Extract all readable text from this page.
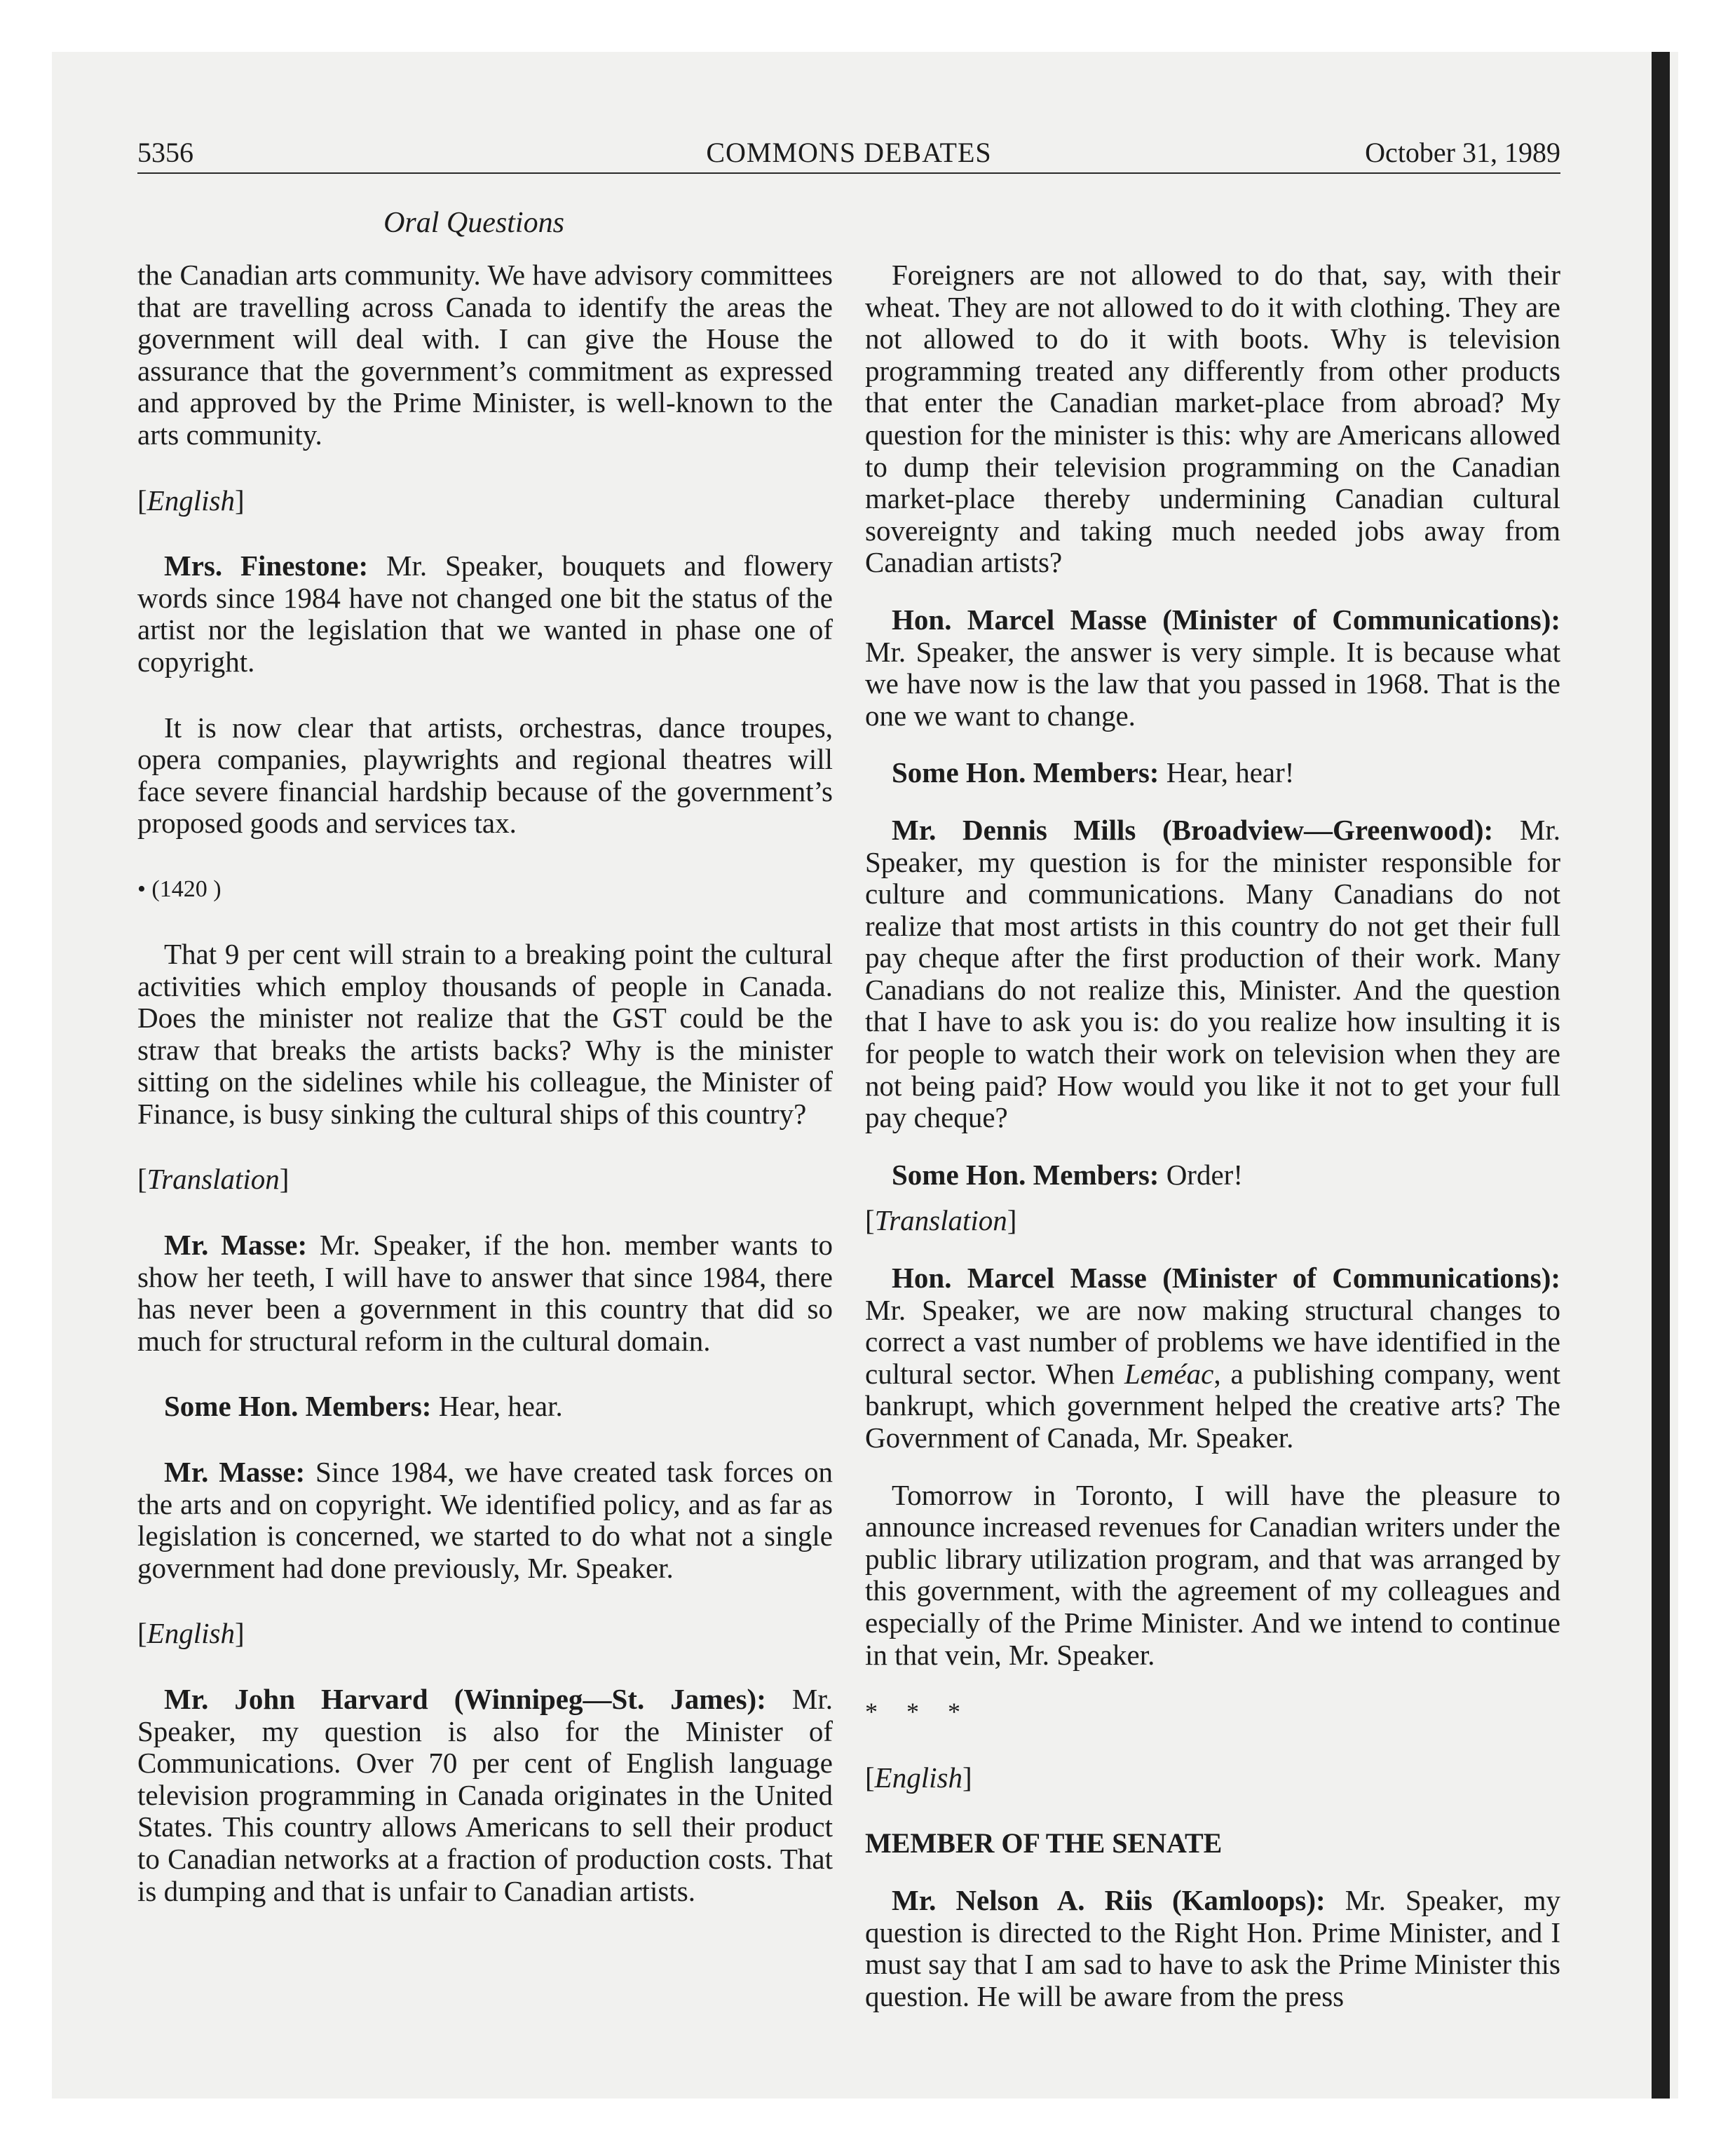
5356	COMMONS DEBATES	October 31, 1989
Oral Questions

the Canadian arts community. We have advisory committees that are travelling across Canada to identify the areas the government will deal with. I can give the House the assurance that the government’s commitment as expressed and approved by the Prime Minister, is well-known to the arts community.

[English]

Mrs. Finestone: Mr. Speaker, bouquets and flowery words since 1984 have not changed one bit the status of the artist nor the legislation that we wanted in phase one of copyright.

It is now clear that artists, orchestras, dance troupes, opera companies, playwrights and regional theatres will face severe financial hardship because of the government’s proposed goods and services tax.

• (1420 )

That 9 per cent will strain to a breaking point the cultural activities which employ thousands of people in Canada. Does the minister not realize that the GST could be the straw that breaks the artists backs? Why is the minister sitting on the sidelines while his colleague, the Minister of Finance, is busy sinking the cultural ships of this country?

[Translation]

Mr. Masse: Mr. Speaker, if the hon. member wants to show her teeth, I will have to answer that since 1984, there has never been a government in this country that did so much for structural reform in the cultural domain.

Some Hon. Members: Hear, hear.

Mr. Masse: Since 1984, we have created task forces on the arts and on copyright. We identified policy, and as far as legislation is concerned, we started to do what not a single government had done previously, Mr. Speaker.

[English]

Mr. John Harvard (Winnipeg—St. James): Mr. Speaker, my question is also for the Minister of Communications. Over 70 per cent of English language television programming in Canada originates in the United States. This country allows Americans to sell their product to Canadian networks at a fraction of production costs. That is dumping and that is unfair to Canadian artists.

Foreigners are not allowed to do that, say, with their wheat. They are not allowed to do it with clothing. They are not allowed to do it with boots. Why is television programming treated any differently from other products that enter the Canadian market-place from abroad? My question for the minister is this: why are Americans allowed to dump their television programming on the Canadian market-place thereby undermining Canadian cultural sovereignty and taking much needed jobs away from Canadian artists?

Hon. Marcel Masse (Minister of Communications): Mr. Speaker, the answer is very simple. It is because what we have now is the law that you passed in 1968. That is the one we want to change.

Some Hon. Members: Hear, hear!

Mr. Dennis Mills (Broadview—Greenwood): Mr. Speaker, my question is for the minister responsible for culture and communications. Many Canadians do not realize that most artists in this country do not get their full pay cheque after the first production of their work. Many Canadians do not realize this, Minister. And the question that I have to ask you is: do you realize how insulting it is for people to watch their work on television when they are not being paid? How would you like it not to get your full pay cheque?

Some Hon. Members: Order!

[Translation]

Hon. Marcel Masse (Minister of Communications): Mr. Speaker, we are now making structural changes to correct a vast number of problems we have identified in the cultural sector. When Leméac, a publishing company, went bankrupt, which government helped the creative arts? The Government of Canada, Mr. Speaker.

Tomorrow in Toronto, I will have the pleasure to announce increased revenues for Canadian writers under the public library utilization program, and that was arranged by this government, with the agreement of my colleagues and especially of the Prime Minister. And we intend to continue in that vein, Mr. Speaker.

* * *

[English]

MEMBER OF THE SENATE

Mr. Nelson A. Riis (Kamloops): Mr. Speaker, my question is directed to the Right Hon. Prime Minister, and I must say that I am sad to have to ask the Prime Minister this question. He will be aware from the press
